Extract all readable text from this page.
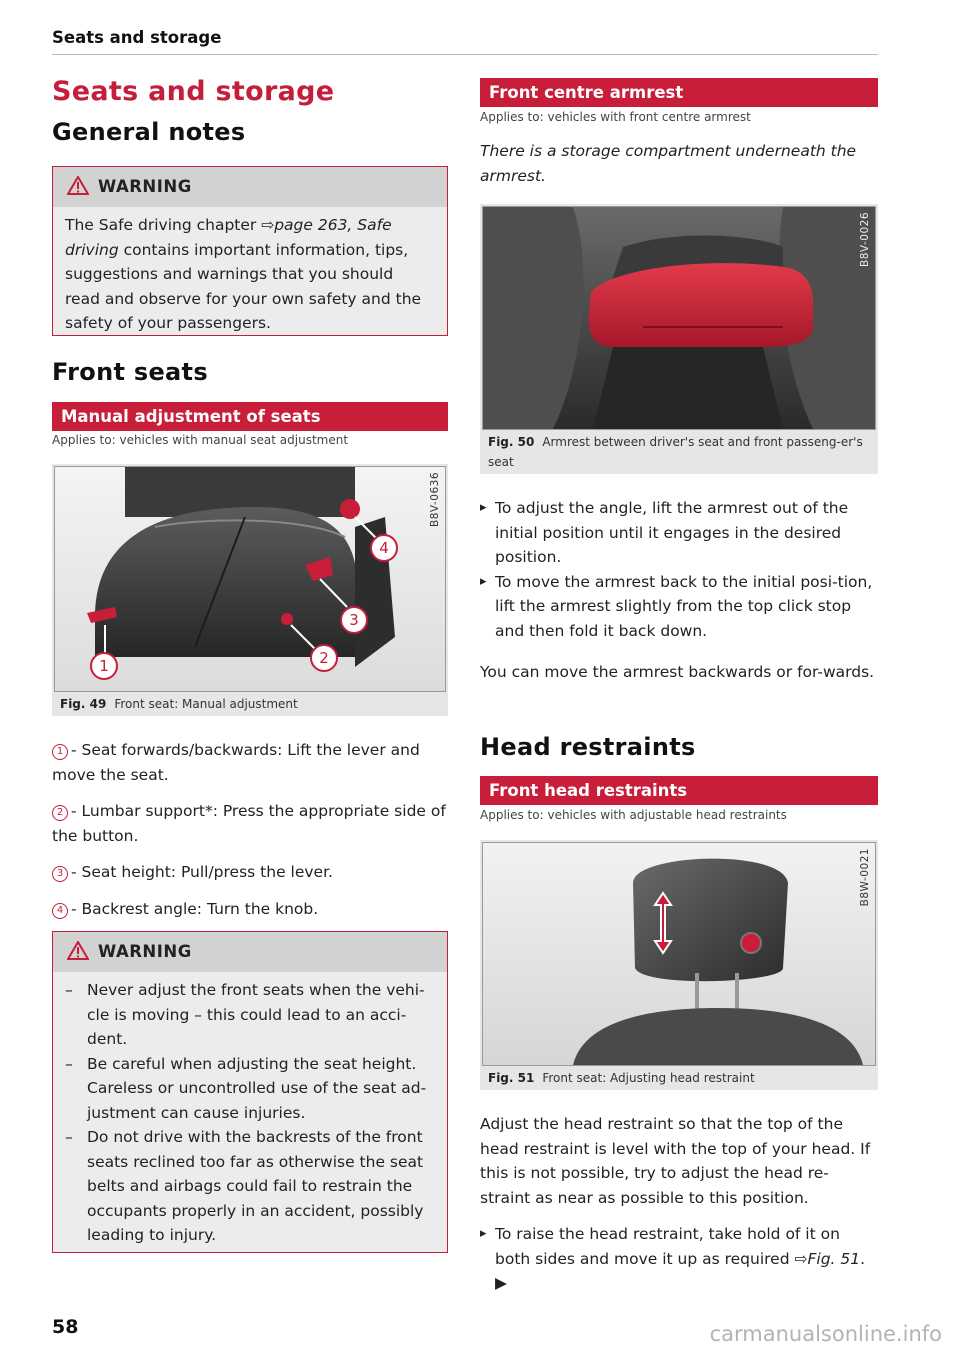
Seats and storage
Seats and storage
General notes
WARNING
The Safe driving chapter ⇨page 263, Safe driving contains important information, tips, suggestions and warnings that you should read and observe for your own safety and the safety of your passengers.
Front seats
Manual adjustment of seats
Applies to: vehicles with manual seat adjustment
4
3
2
1
B8V-0636
Fig. 49 Front seat: Manual adjustment
1 - Seat forwards/backwards: Lift the lever and move the seat.
2 - Lumbar support*: Press the appropriate side of the button.
3 - Seat height: Pull/press the lever.
4 - Backrest angle: Turn the knob.
WARNING
– Never adjust the front seats when the vehi-cle is moving – this could lead to an acci-dent.
– Be careful when adjusting the seat height. Careless or uncontrolled use of the seat ad-justment can cause injuries.
– Do not drive with the backrests of the front seats reclined too far as otherwise the seat belts and airbags could fail to restrain the occupants properly in an accident, possibly leading to injury.
Front centre armrest
Applies to: vehicles with front centre armrest
There is a storage compartment underneath the armrest.
B8V-0026
Fig. 50 Armrest between driver's seat and front passeng-er's seat
▸ To adjust the angle, lift the armrest out of the initial position until it engages in the desired position.
▸ To move the armrest back to the initial posi-tion, lift the armrest slightly from the top click stop and then fold it back down.
You can move the armrest backwards or for-wards.
Head restraints
Front head restraints
Applies to: vehicles with adjustable head restraints
B8W-0021
Fig. 51 Front seat: Adjusting head restraint
Adjust the head restraint so that the top of the head restraint is level with the top of your head. If this is not possible, try to adjust the head re-straint as near as possible to this position.
▸ To raise the head restraint, take hold of it on both sides and move it up as required ⇨Fig. 51. ▶
58	carmanualsonline.info
